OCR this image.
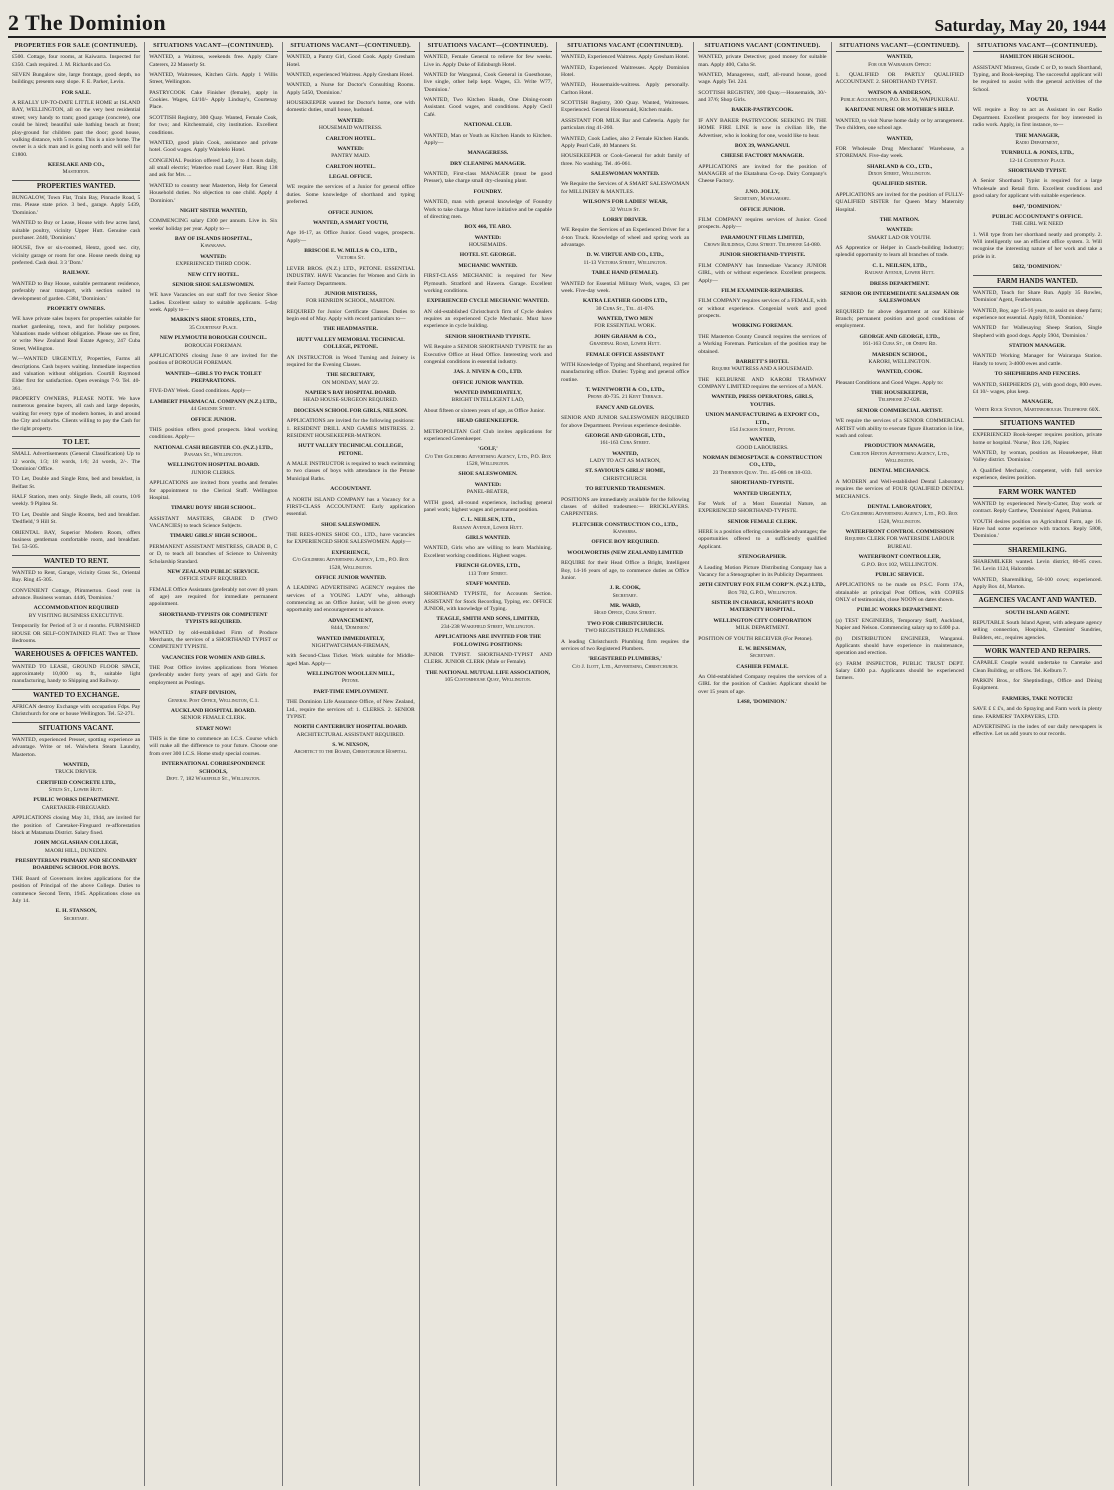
2 The Dominion	Saturday, May 20, 1944
PROPERTIES FOR SALE (CONTINUED).
£500. Cottage, four rooms, at Kaiwarra. Inspected for £350. Cash required. J. M. Richards and Co.
SEVEN Bungalow site, large frontage, good depth, no buildings; presents easy slope. F. E. Parker, Levin.
FOR SALE.
A REALLY UP-TO-DATE LITTLE HOME at ISLAND BAY, WELLINGTON, all on the very best residential street; very handy to tram; good garage (concrete), one could be hired; beautiful sale bathing beach at front; play-ground for children past the door; good house, walking distance, with 5 rooms. This is a nice home. The owner is a sick man and is going north and will sell for £1800.
KEESLAKE AND CO.,
Masterton.
PROPERTIES WANTED.
BUNGALOW, Town Flat, Train Bay, Pinnacle Road, 5 rms. Please state price. 3 bed., garage. Apply 5439, 'Dominion.'
WANTED to Buy or Lease, House with few acres land, suitable poultry, vicinity Upper Hutt. Genuine cash purchaser. 2440, 'Dominion.'
HOUSE, five or six-roomed, Hentz, good sec. city, vicinity garage or room for one. House needs doing up preferred. Cash deal. 3 3 'Dom.'
RAILWAY.
WANTED to Buy House, suitable permanent residence, preferably near transport, with section suited to development of garden. C384, 'Dominion.'
PROPERTY OWNERS.
WE have private sales buyers for properties suitable for market gardening, town, and for holiday purposes. Valuations made without obligation. Please see us first, or write New Zealand Real Estate Agency, 247 Cuba Street, Wellington.
W.—WANTED URGENTLY, Properties, Farms all descriptions. Cash buyers waiting. Immediate inspection and valuation without obligation. Courtill Raymond Elder first for satisfaction. Open evenings 7-9. Tel. 40-361.
PROPERTY OWNERS, PLEASE NOTE. We have numerous genuine buyers, all cash and large deposits, waiting for every type of modern homes, in and around the City and suburbs. Clients willing to pay the Cash for the right property.
TO LET.
SMALL Advertisements (General Classification) Up to 12 words, 1/3; 18 words, 1/6; 24 words, 2/-. The 'Dominion' Office.
TO Let, Double and Single Rms, bed and breakfast, in Belfast St.
HALF Station, men only. Single Beds, all courts, 10/6 weekly. 9 Pipitea St.
TO Let, Double and Single Rooms, bed and breakfast. 'Dedfield,' 9 Hill St.
ORIENTAL BAY, Superior Modern Room, offers business gentleman comfortable room, and breakfast. Tel. 53-505.
WANTED TO RENT.
WANTED to Rent, Garage, vicinity Grass St., Oriental Bay. Ring 45-305.
CONVENIENT Cottage, Plimmerton. Good rent in advance. Business woman. 4446, 'Dominion.'
ACCOMMODATION REQUIRED
BY VISITING BUSINESS EXECUTIVE.
Temporarily for Period of 3 or 4 months. FURNISHED HOUSE OR SELF-CONTAINED FLAT. Two or Three Bedrooms.
WAREHOUSES & OFFICES WANTED.
WANTED TO LEASE, GROUND FLOOR SPACE, approximately 10,000 sq. ft., suitable light manufacturing, handy to Shipping and Railway.
WANTED TO EXCHANGE.
AFRICAN destroy Exchange with occupation Fdps. Pay Christchurch for one or house Wellington. Tel. 52-271.
SITUATIONS VACANT.
WANTED, experienced Presser, spotting experience an advantage. Write or tel. Waiwhetu Steam Laundry, Masterton.
WANTED,
TRUCK DRIVER.
CERTIFIED CONCRETE LTD.,
Stilts St., Lower Hutt.
PUBLIC WORKS DEPARTMENT.
CARETAKER-FIREGUARD.
APPLICATIONS closing May 31, 1944, are invited for the position of Caretaker-Fireguard re-afforestation block at Matamata District. Salary fixed.
JOHN MCGLASHAN COLLEGE,
MAORI HILL, DUNEDIN.
PRESBYTERIAN PRIMARY AND SECONDARY BOARDING SCHOOL FOR BOYS.
THE Board of Governors invites applications for the position of Principal of the above College. Duties to commence Second Term, 1945. Applications close on July 14.
E. H. STANSON,
Secretary.
SITUATIONS VACANT—(CONTINUED).
WANTED, a Waitress, weekends free. Apply Clare Caterers, 22 Masserly St.
WANTED, Waitresses, Kitchen Girls. Apply 1 Willis Street, Wellington.
PASTRYCOOK Cake Finisher (female), apply in Cookies. Wages, £4/10/- Apply Lindsay's, Courtenay Place.
SCOTTISH Registry, 300 Quay. Wanted, Female Cook, for two; and Kitchenmaid, city institution. Excellent conditions.
WANTED, good plain Cook, assistance and private hotel. Good wages. Apply Waitelelo Hotel.
CONGENIAL Position offered Lady, 3 to 4 hours daily, all small electric; Waterloo road Lower Hutt. Ring 138 and ask for Mrs. ...
WANTED to country near Masterton, Help for General Household duties. No objection to one child. Apply 4 'Dominion.'
NIGHT SISTER WANTED,
COMMENCING salary £300 per annum. Live in. Six weeks' holiday per year. Apply to—
BAY OF ISLANDS HOSPITAL,
Kawakawa.
WANTED:
EXPERIENCED THIRD COOK.
NEW CITY HOTEL.
SENIOR SHOE SALESWOMEN.
WE have Vacancies on our staff for two Senior Shoe Ladies. Excellent salary to suitable applicants. 5-day week. Apply to—
MARKIN'S SHOE STORES, LTD.,
35 Courtenay Place.
NEW PLYMOUTH BOROUGH COUNCIL.
BOROUGH FOREMAN.
APPLICATIONS closing June 8 are invited for the position of BOROUGH FOREMAN.
WANTED—GIRLS TO PACK TOILET PREPARATIONS.
FIVE-DAY Week. Good conditions. Apply—
LAMBERT PHARMACAL COMPANY (N.Z.) LTD.,
44 Ghuznee Street.
OFFICE JUNIOR.
THIS position offers good prospects. Ideal working conditions. Apply—
NATIONAL CASH REGISTER CO. (N.Z.) LTD.,
Panama St., Wellington.
WELLINGTON HOSPITAL BOARD.
JUNIOR CLERKS.
APPLICATIONS are invited from youths and females for appointment to the Clerical Staff. Wellington Hospital.
TIMARU BOYS' HIGH SCHOOL.
ASSISTANT MASTERS, GRADE D (TWO VACANCIES) to teach Science Subjects.
TIMARU GIRLS' HIGH SCHOOL.
PERMANENT ASSISTANT MISTRESS, GRADE B, C or D, to teach all branches of Science to University Scholarship Standard.
NEW ZEALAND PUBLIC SERVICE.
OFFICE STAFF REQUIRED.
FEMALE Office Assistants (preferably not over 40 years of age) are required for immediate permanent appointment.
SHORTHAND-TYPISTS OR COMPETENT TYPISTS REQUIRED.
WANTED by old-established Firm of Produce Merchants, the services of a SHORTHAND TYPIST or COMPETENT TYPISTE.
VACANCIES FOR WOMEN AND GIRLS.
THE Post Office invites applications from Women (preferably under forty years of age) and Girls for employment as Postings.
STAFF DIVISION,
General Post Office, Wellington, C.1.
AUCKLAND HOSPITAL BOARD.
SENIOR FEMALE CLERK.
START NOW!
THIS is the time to commence an I.C.S. Course which will make all the difference to your future. Choose one from over 300 I.C.S. Home study special courses.
INTERNATIONAL CORRESPONDENCE SCHOOLS,
Dept. 7, 182 Wakefield St., Wellington.
SITUATIONS VACANT—(CONTINUED).
WANTED, a Pantry Girl, Good Cook. Apply Gresham Hotel.
WANTED, experienced Waitress. Apply Gresham Hotel.
WANTED, a Nurse for Doctor's Consulting Rooms. Apply 5450, 'Dominion.'
HOUSEKEEPER wanted for Doctor's home, one with domestic duties, small house, husband.
WANTED:
HOUSEMAID WAITRESS.
CARLTON HOTEL.
WANTED:
PANTRY MAID.
CARLTON HOTEL.
LEGAL OFFICE.
WE require the services of a Junior for general office duties. Some knowledge of shorthand and typing preferred.
OFFICE JUNION.
WANTED, A SMART YOUTH,
Age 16-17, as Office Junior. Good wages, prospects. Apply—
BRISCOE E. W. MILLS & CO., LTD.,
Victoria St.
LEVER BROS. (N.Z.) LTD., PETONE. ESSENTIAL INDUSTRY. HAVE Vacancies for Women and Girls in their Factory Departments.
JUNIOR MISTRESS,
FOR HENRIDN SCHOOL, MARTON.
REQUIRED for Junior Certificate Classes. Duties to begin end of May. Apply with record particulars to—
THE HEADMASTER.
HUTT VALLEY MEMORIAL TECHNICAL COLLEGE, PETONE.
AN INSTRUCTOR in Wood Turning and Joinery is required for the Evening Classes.
THE SECRETARY,
ON MONDAY, MAY 22.
NAPIER'S BAY HOSPITAL BOARD.
HEAD HOUSE-SURGEON REQUIRED.
DIOCESAN SCHOOL FOR GIRLS, NELSON.
APPLICATIONS are invited for the following positions: 1. RESIDENT DRILL AND GAMES MISTRESS. 2. RESIDENT HOUSEKEEPER-MATRON.
HUTT VALLEY TECHNICAL COLLEGE, PETONE.
A MALE INSTRUCTOR is required to teach swimming to two classes of boys with attendance in the Petone Municipal Baths.
ACCOUNTANT.
A NORTH ISLAND COMPANY has a Vacancy for a FIRST-CLASS ACCOUNTANT. Early application essential.
SHOE SALESWOMEN.
THE REES-JONES SHOE CO., LTD., have vacancies for EXPERIENCED SHOE SALESWOMEN. Apply—
EXPERIENCE,
C/o Goldberg Advertising Agency, Ltd., P.O. Box 1528, Wellington.
OFFICE JUNIOR WANTED.
A LEADING ADVERTISING AGENCY requires the services of a YOUNG LADY who, although commencing as an Office Junior, will be given every opportunity and encouragement to advance.
ADVANCEMENT,
8444, 'Dominion.'
WANTED IMMEDIATELY,
NIGHTWATCHMAN-FIREMAN,
with Second-Class Ticket. Work suitable for Middle-aged Man. Apply—
WELLINGTON WOOLLEN MILL,
Petone.
PART-TIME EMPLOYMENT.
THE Dominion Life Assurance Office, of New Zealand, Ltd., require the services of: 1. CLERKS. 2. SENIOR TYPIST.
NORTH CANTERBURY HOSPITAL BOARD.
ARCHITECTURAL ASSISTANT REQUIRED.
S. W. NIXSON,
Architect to the Board, Christchurch Hospital.
SITUATIONS VACANT—(CONTINUED).
WANTED, Female General to relieve for few weeks. Live in. Apply Duke of Edinburgh Hotel.
WANTED for Wanganui, Cook General in Guesthouse, live single, other help kept. Wages, £3. Write W77, 'Dominion.'
WANTED, Two Kitchen Hands, One Dining-room Assistant. Good wages, and conditions. Apply Cecil Café.
NATIONAL CLUB.
WANTED, Man or Youth as Kitchen Hands to Kitchen. Apply—
MANAGERESS.
DRY CLEANING MANAGER.
WANTED, First-class MANAGER (must be good Presser), take charge small dry-cleaning plant.
FOUNDRY.
WANTED, man with general knowledge of Foundry Work to take charge. Must have initiative and be capable of directing men.
BOX 466, TE ARO.
WANTED:
HOUSEMAIDS.
HOTEL ST. GEORGE.
MECHANIC WANTED.
FIRST-CLASS MECHANIC is required for New Plymouth. Stratford and Hawera. Garage. Excellent working conditions.
EXPERIENCED CYCLE MECHANIC WANTED.
AN old-established Christchurch firm of Cycle dealers requires an experienced Cycle Mechanic. Must have experience in cycle building.
SENIOR SHORTHAND TYPISTE.
WE Require a SENIOR SHORTHAND TYPISTE for an Executive Office at Head Office. Interesting work and congenial conditions in essential industry.
JAS. J. NIVEN & CO., LTD.
OFFICE JUNIOR WANTED.
WANTED IMMEDIATELY,
BRIGHT INTELLIGENT LAD,
About fifteen or sixteen years of age, as Office Junior.
HEAD GREENKEEPER.
METROPOLITAN Golf Club invites applications for experienced Greenkeeper.
'GOLF,'
C/o The Goldberg Advertising Agency, Ltd., P.O. Box 1528, Wellington.
SHOE SALESWOMEN.
WANTED:
PANEL-BEATER,
WITH good, all-round experience, including general panel work; highest wages and permanent position.
C. L. NEILSEN, LTD.,
Railway Avenue, Lower Hutt.
GIRLS WANTED.
WANTED, Girls who are willing to learn Machining. Excellent working conditions. Highest wages.
FRENCH GLOVES, LTD.,
113 Tory Street.
STAFF WANTED.
SHORTHAND TYPISTE, for Accounts Section. ASSISTANT for Stock Recording, Typing, etc. OFFICE JUNIOR, with knowledge of Typing.
TEAGLE, SMITH AND SONS, LIMITED,
234-238 Wakefield Street, Wellington.
APPLICATIONS ARE INVITED FOR THE FOLLOWING POSITIONS:
JUNIOR TYPIST. SHORTHAND-TYPIST AND CLERK. JUNIOR CLERK (Male or Female).
THE NATIONAL MUTUAL LIFE ASSOCIATION,
105 Customhouse Quay, Wellington.
SITUATIONS VACANT (CONTINUED).
WANTED, Experienced Waitress. Apply Gresham Hotel.
WANTED, Experienced Waitresses. Apply Dominion Hotel.
WANTED, Housemaids-waitress. Apply personally. Carlton Hotel.
SCOTTISH Registry, 300 Quay. Wanted, Waitresses. Experienced. General Housemaid, Kitchen maids.
ASSISTANT FOR MILK Bar and Cafeteria. Apply for particulars ring 41-260.
WANTED, Cook Ladies, also 2 Female Kitchen Hands. Apply Pearl Café, 40 Manners St.
HOUSEKEEPER or Cook-General for adult family of three. No washing. Tel. 46-061.
SALESWOMAN WANTED.
We Require the Services of A SMART SALESWOMAN for MILLINERY & MANTLES.
WILSON'S FOR LADIES' WEAR,
32 Willis St.
LORRY DRIVER.
WE Require the Services of an Experienced Driver for a 4-ton Truck. Knowledge of wheel and spring work an advantage.
D. W. VIRTUE AND CO., LTD.,
11-13 Victoria Street, Wellington.
TABLE HAND (FEMALE).
WANTED for Essential Military Work, wages, £3 per week. Five-day week.
KATRA LEATHER GOODS LTD.,
30 Cuba St., Tel. 41-076.
WANTED, TWO MEN
FOR ESSENTIAL WORK.
JOHN GRAHAM & CO.,
Grandinal Road, Lower Hutt.
FEMALE OFFICE ASSISTANT
WITH Knowledge of Typing and Shorthand, required for manufacturing office. Duties: Typing and general office routine.
T. WENTWORTH & CO., LTD.,
Phone 40-735. 21 Kent Terrace.
FANCY AND GLOVES.
SENIOR AND JUNIOR SALESWOMEN REQUIRED for above Department. Previous experience desirable.
GEORGE AND GEORGE, LTD.,
161-163 Cuba Street.
WANTED,
LADY TO ACT AS MATRON,
ST. SAVIOUR'S GIRLS' HOME,
CHRISTCHURCH.
TO RETURNED TRADESMEN.
POSITIONS are immediately available for the following classes of skilled tradesmen:— BRICKLAYERS. CARPENTERS.
FLETCHER CONSTRUCTION CO., LTD.,
Kaiwarra.
OFFICE BOY REQUIRED.
WOOLWORTHS (NEW ZEALAND) LIMITED
REQUIRE for their Head Office a Bright, Intelligent Boy, 14-16 years of age, to commence duties as Office Junior.
J. R. COOK,
Secretary.
MR. WARD,
Head Office, Cuba Street.
TWO FOR CHRISTCHURCH.
TWO REGISTERED PLUMBERS.
A leading Christchurch Plumbing firm requires the services of two Registered Plumbers.
'REGISTERED PLUMBERS,'
C/o J. Ilott, Ltd., Advertising, Christchurch.
SITUATIONS VACANT (CONTINUED).
WANTED, private Detective; good money for suitable man. Apply 400, Cuba St.
WANTED, Manageress, staff, all-round house, good wage. Apply Tel. 224.
SCOTTISH REGISTRY, 300 Quay.—Housemaids, 30/- and 37/6; Shop Girls.
BAKER-PASTRYCOOK.
IF ANY BAKER PASTRYCOOK SEEKING IN THE HOME FIRE LINE is now in civilian life, the Advertiser, who is looking for one, would like to hear.
BOX 39, WANGANUI.
CHEESE FACTORY MANAGER.
APPLICATIONS are invited for the position of MANAGER of the Ekatahuna Co-op. Dairy Company's Cheese Factory.
J.NO. JOLLY,
Secretary, Mangamahu.
OFFICE JUNIOR.
FILM COMPANY requires services of Junior. Good prospects. Apply—
PARAMOUNT FILMS LIMITED,
Crown Buildings, Cuba Street. Telephone 54-080.
JUNIOR SHORTHAND-TYPISTE.
FILM COMPANY has Immediate Vacancy JUNIOR GIRL, with or without experience. Excellent prospects. Apply—
FILM EXAMINER-REPAIRERS.
FILM COMPANY requires services of a FEMALE, with or without experience. Congenial work and good prospects.
WORKING FOREMAN.
THE Masterton County Council requires the services of a Working Foreman. Particulars of the position may be obtained.
BARRETT'S HOTEL
Require WAITRESS AND A HOUSEMAID.
THE KELBURNE AND KARORI TRAMWAY COMPANY LIMITED requires the services of a MAN.
WANTED, PRESS OPERATORS, GIRLS, YOUTHS.
UNION MANUFACTURING & EXPORT CO., LTD.,
154 Jackson Street, Petone.
WANTED,
GOOD LABOURERS.
NORMAN DEMOSPTACE & CONSTRUCTION CO., LTD.,
23 Thorndon Quay. Tel. 45-086 or 18-033.
SHORTHAND-TYPISTE.
WANTED URGENTLY,
For Work of a Most Essential Nature, an EXPERIENCED SHORTHAND-TYPISTE.
SENIOR FEMALE CLERK.
HERE is a position offering considerable advantages; the opportunities offered to a sufficiently qualified Applicant.
STENOGRAPHER.
A Leading Motion Picture Distributing Company has a Vacancy for a Stenographer in its Publicity Department.
20TH CENTURY FOX FILM CORP'N. (N.Z.) LTD.,
Box 702, G.P.O., Wellington.
SISTER IN CHARGE, KNIGHT'S ROAD MATERNITY HOSPITAL.
WELLINGTON CITY CORPORATION
MILK DEPARTMENT.
POSITION OF YOUTH RECEIVER (For Petone).
E. W. BENSEMAN,
Secretary.
CASHIER FEMALE.
An Old-established Company requires the services of a GIRL for the position of Cashier. Applicant should be over 15 years of age.
L4S8, 'DOMINION.'
SITUATIONS VACANT—(CONTINUED).
WANTED,
For our Wairarapa Office:
1. QUALIFIED OR PARTLY QUALIFIED ACCOUNTANT. 2. SHORTHAND TYPIST.
WATSON & ANDERSON,
Public Accountants, P.O. Box 36, WAIPUKURAU.
KARITANE NURSE OR MOTHER'S HELP.
WANTED, to visit Nurse home daily or by arrangement. Two children, one school age.
WANTED,
FOR Wholesale Drug Merchants' Warehouse, a STOREMAN. Five-day week.
SHARLAND & CO., LTD.,
Dixon Street, Wellington.
QUALIFIED SISTER.
APPLICATIONS are invited for the position of FULLY-QUALIFIED SISTER for Queen Mary Maternity Hospital.
THE MATRON.
WANTED:
SMART LAD OR YOUTH.
AS Apprentice or Helper in Coach-building Industry; splendid opportunity to learn all branches of trade.
C. L. NEILSEN, LTD.,
Railway Avenue, Lower Hutt.
DRESS DEPARTMENT.
SENIOR OR INTERMEDIATE SALESMAN OR SALESWOMAN
REQUIRED for above department at our Kilbirnie Branch; permanent position and good conditions of employment.
GEORGE AND GEORGE, LTD.,
161-163 Cuba St., or Onepu Rd.
MARSDEN SCHOOL,
KARORI, WELLINGTON.
WANTED, COOK.
Pleasant Conditions and Good Wages. Apply to:
THE HOUSEKEEPER,
Telephone 27-028.
SENIOR COMMERCIAL ARTIST.
WE require the services of a SENIOR COMMERCIAL ARTIST with ability to execute figure illustration in line, wash and colour.
PRODUCTION MANAGER,
Carlton Hinton Advertising Agency, Ltd., Wellington.
DENTAL MECHANICS.
A MODERN and Well-established Dental Laboratory requires the services of FOUR QUALIFIED DENTAL MECHANICS.
DENTAL LABORATORY,
C/o Goldberg Advertising Agency, Ltd., P.O. Box 1528, Wellington.
WATERFRONT CONTROL COMMISSION
Requires CLERK FOR WATERSIDE LABOUR BUREAU.
WATERFRONT CONTROLLER,
G.P.O. Box 102, WELLINGTON.
PUBLIC SERVICE.
APPLICATIONS to be made on P.S.C. Form 17A, obtainable at principal Post Offices, with COPIES ONLY of testimonials, close NOON on dates shown.
PUBLIC WORKS DEPARTMENT.
(a) TEST ENGINEERS, Temporary Staff, Auckland, Napier and Nelson. Commencing salary up to £400 p.a.
(b) DISTRIBUTION ENGINEER, Wanganui. Applicants should have experience in maintenance, operation and erection.
(c) FARM INSPECTOR, PUBLIC TRUST DEPT. Salary £400 p.a. Applicants should be experienced farmers.
SITUATIONS VACANT—(CONTINUED).
HAMILTON HIGH SCHOOL.
ASSISTANT Mistress, Grade C or D, to teach Shorthand, Typing, and Book-keeping. The successful applicant will be required to assist with the general activities of the School.
YOUTH.
WE require a Boy to act as Assistant in our Radio Department. Excellent prospects for boy interested in radio work. Apply, in first instance, to—
THE MANAGER,
Radio Department,
TURNBULL & JONES, LTD.,
12-14 Courtenay Place.
SHORTHAND TYPIST.
A Senior Shorthand Typist is required for a large Wholesale and Retail firm. Excellent conditions and good salary for applicant with suitable experience.
8447, 'DOMINION.'
PUBLIC ACCOUNTANT'S OFFICE.
THE GIRL WE NEED
1. Will type from her shorthand neatly and promptly. 2. Will intelligently use an efficient office system. 3. Will recognise the interesting nature of her work and take a pride in it.
5032, 'DOMINION.'
FARM HANDS WANTED.
WANTED, Teach for Share Run. Apply 35 Rowles, 'Dominion' Agent, Featherston.
WANTED, Boy, age 15-16 years, to assist on sheep farm; experience not essential. Apply 8418, 'Dominion.'
WANTED for Wallesaying Sheep Station, Single Shepherd with good dogs. Apply 5904, 'Dominion.'
STATION MANAGER.
WANTED Working Manager for Wairarapa Station. Handy to town; 3-4000 ewes and cattle.
TO SHEPHERDS AND FENCERS.
WANTED, SHEPHERDS (2), with good dogs, 800 ewes. £4 10/- wages, plus keep.
MANAGER,
White Rock Station, Martinborough. Telephone 60X.
SITUATIONS WANTED
EXPERIENCED Book-keeper requires position, private home or hospital. 'Nurse,' Box 126, Napier.
WANTED, by woman, position as Housekeeper, Hutt Valley district. 'Dominion.'
A Qualified Mechanic, competent, with full service experience, desires position.
FARM WORK WANTED
WANTED by experienced Newly-Cutter, Day work or contract. Reply Carthew, 'Dominion' Agent, Pahiatua.
YOUTH desires position on Agricultural Farm, age 16. Have had some experience with tractors. Reply 5808, 'Dominion.'
SHAREMILKING.
SHAREMILKER wanted. Levin district, 80-85 cows. Tel. Levin 1124, Halcombe.
WANTED, Sharemilking, 50-100 cows; experienced. Apply Box 44, Marton.
AGENCIES VACANT AND WANTED.
SOUTH ISLAND AGENT.
REPUTABLE South Island Agent, with adequate agency selling connection, Hospitals, Chemists' Sundries, Builders, etc., requires agencies.
WORK WANTED AND REPAIRS.
CAPABLE Couple would undertake to Caretake and Clean Building, or offices. Tel. Kelburn 7.
PARKIN Bros., for Sheptindings, Office and Dining Equipment.
FARMERS, TAKE NOTICE!
SAVE £ £ £'s, and do Spraying and Farm work in plenty time. FARMERS' TAXPAYERS, LTD.
ADVERTISING in the index of our daily newspapers is effective. Let us add yours to our records.
